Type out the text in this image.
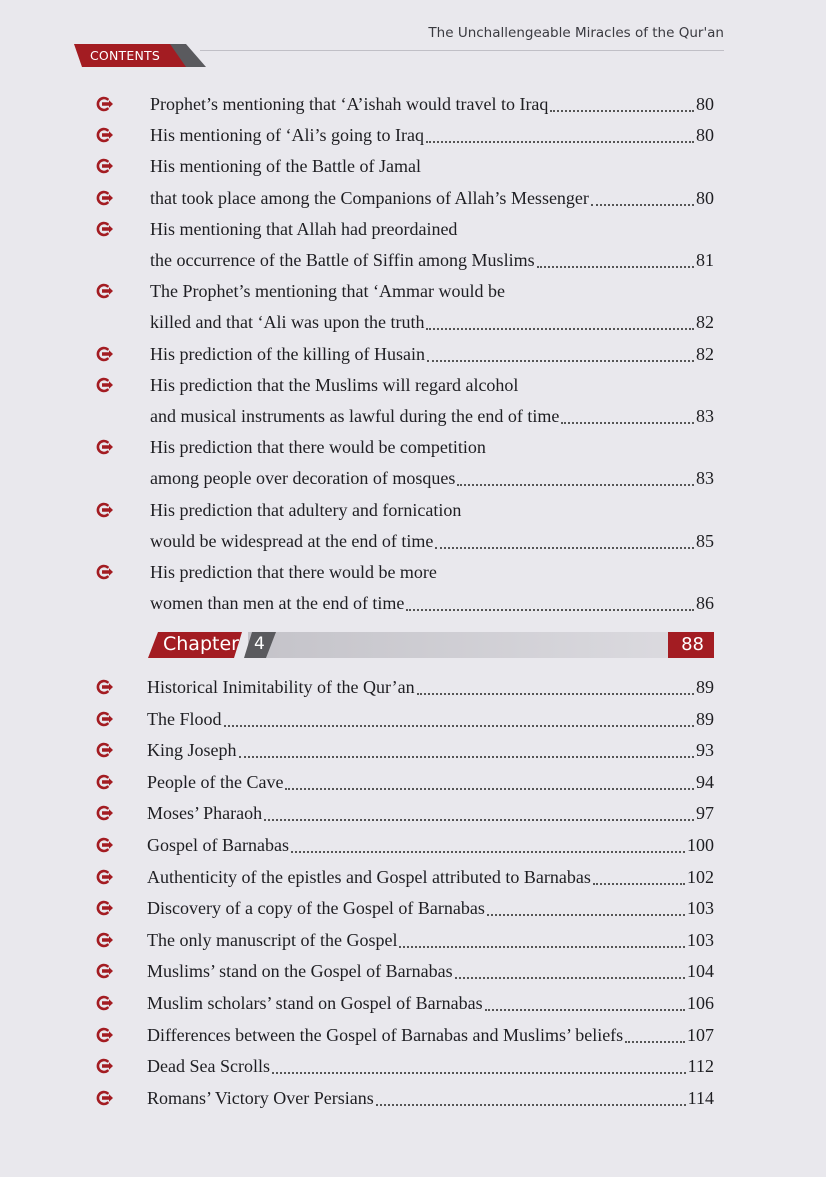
The Unchallengeable Miracles of the Qur'an
CONTENTS
Prophet’s mentioning that ‘A’ishah would travel to Iraq	80
His mentioning of ‘Ali’s going to Iraq	80
His mentioning of the Battle of Jamal
that took place among the Companions of Allah’s Messenger	80
His mentioning that Allah had preordained
the occurrence of the Battle of Siffin among Muslims	81
The Prophet’s mentioning that ‘Ammar would be
killed and that ‘Ali was upon the truth	82
His prediction of the killing of Husain	82
His prediction that the Muslims will regard alcohol
and musical instruments as lawful during the end of time	83
His prediction that there would be competition
among people over decoration of mosques	83
His prediction that adultery and fornication
would be widespread at the end of time	85
His prediction that there would be more
women than men at the end of time	86
Chapter 4	88
Historical Inimitability of the Qur’an	89
The Flood	89
King Joseph	93
People of the Cave	94
Moses’ Pharaoh	97
Gospel of Barnabas	100
Authenticity of the epistles and Gospel attributed to Barnabas	102
Discovery of a copy of the Gospel of Barnabas	103
The only manuscript of the Gospel	103
Muslims’ stand on the Gospel of Barnabas	104
Muslim scholars’ stand on Gospel of Barnabas	106
Differences between the Gospel of Barnabas and Muslims’ beliefs	107
Dead Sea Scrolls	112
Romans’ Victory Over Persians	114
